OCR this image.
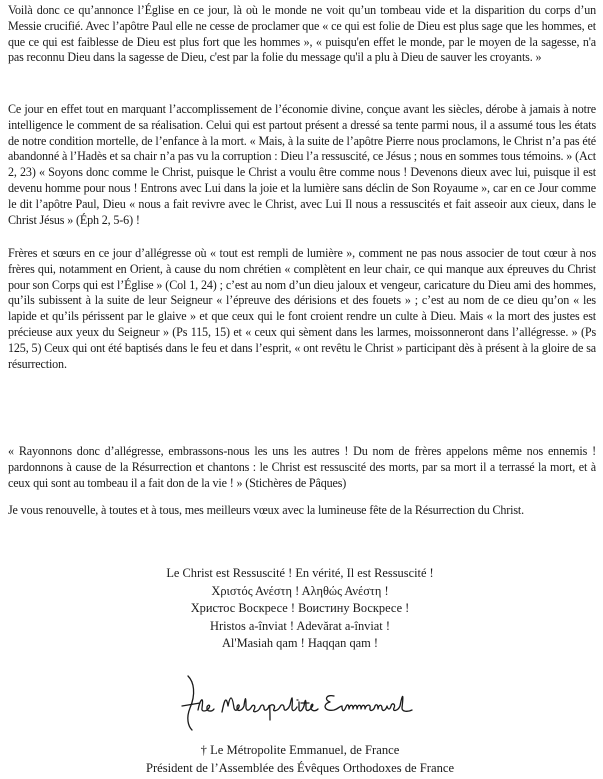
Voilà donc ce qu’annonce l’Église en ce jour, là où le monde ne voit qu’un tombeau vide et la disparition du corps d’un Messie crucifié. Avec l’apôtre Paul elle ne cesse de proclamer que « ce qui est folie de Dieu est plus sage que les hommes, et que ce qui est faiblesse de Dieu est plus fort que les hommes », « puisqu'en effet le monde, par le moyen de la sagesse, n'a pas reconnu Dieu dans la sagesse de Dieu, c'est par la folie du message qu'il a plu à Dieu de sauver les croyants. »

Ce jour en effet tout en marquant l’accomplissement de l’économie divine, conçue avant les siècles, dérobe à jamais à notre intelligence le comment de sa réalisation. Celui qui est partout présent a dressé sa tente parmi nous, il a assumé tous les états de notre condition mortelle, de l’enfance à la mort. « Mais, à la suite de l’apôtre Pierre nous proclamons, le Christ n’a pas été abandonné à l’Hadès et sa chair n’a pas vu la corruption : Dieu l’a ressuscité, ce Jésus ; nous en sommes tous témoins. » (Act 2, 23) « Soyons donc comme le Christ, puisque le Christ a voulu être comme nous ! Devenons dieux avec lui, puisque il est devenu homme pour nous ! Entrons avec Lui dans la joie et la lumière sans déclin de Son Royaume », car en ce Jour comme le dit l’apôtre Paul, Dieu « nous a fait revivre avec le Christ, avec Lui Il nous a ressuscités et fait asseoir aux cieux, dans le Christ Jésus » (Éph 2, 5-6) !

Frères et sœurs en ce jour d’allégresse où « tout est rempli de lumière », comment ne pas nous associer de tout cœur à nos frères qui, notamment en Orient, à cause du nom chrétien « complètent en leur chair, ce qui manque aux épreuves du Christ pour son Corps qui est l’Église » (Col 1, 24) ; c’est au nom d’un dieu jaloux et vengeur, caricature du Dieu ami des hommes, qu’ils subissent à la suite de leur Seigneur « l’épreuve des dérisions et des fouets » ; c’est au nom de ce dieu qu’on « les lapide et qu’ils périssent par le glaive » et que ceux qui le font croient rendre un culte à Dieu. Mais « la mort des justes est précieuse aux yeux du Seigneur » (Ps 115, 15) et « ceux qui sèment dans les larmes, moissonneront dans l’allégresse. » (Ps 125, 5) Ceux qui ont été baptisés dans le feu et dans l’esprit, « ont revêtu le Christ » participant dès à présent à la gloire de sa résurrection.

« Rayonnons donc d’allégresse, embrassons-nous les uns les autres ! Du nom de frères appelons même nos ennemis ! pardonnons à cause de la Résurrection et chantons : le Christ est ressuscité des morts, par sa mort il a terrassé la mort, et à ceux qui sont au tombeau il a fait don de la vie ! » (Stichères de Pâques)

Je vous renouvelle, à toutes et à tous, mes meilleurs vœux avec la lumineuse fête de la Résurrection du Christ.

Le Christ est Ressuscité ! En vérité, Il est Ressuscité !
Χριστός Ανέστη ! Αληθώς Ανέστη !
Христос Воскресе ! Воистину Воскресе !
Hristos a-înviat ! Adevărat a-înviat !
Al'Masiah qam ! Haqqan qam !
† Le Métropolite Emmanuel, de France
Président de l’Assemblée des Évêques Orthodoxes de France
